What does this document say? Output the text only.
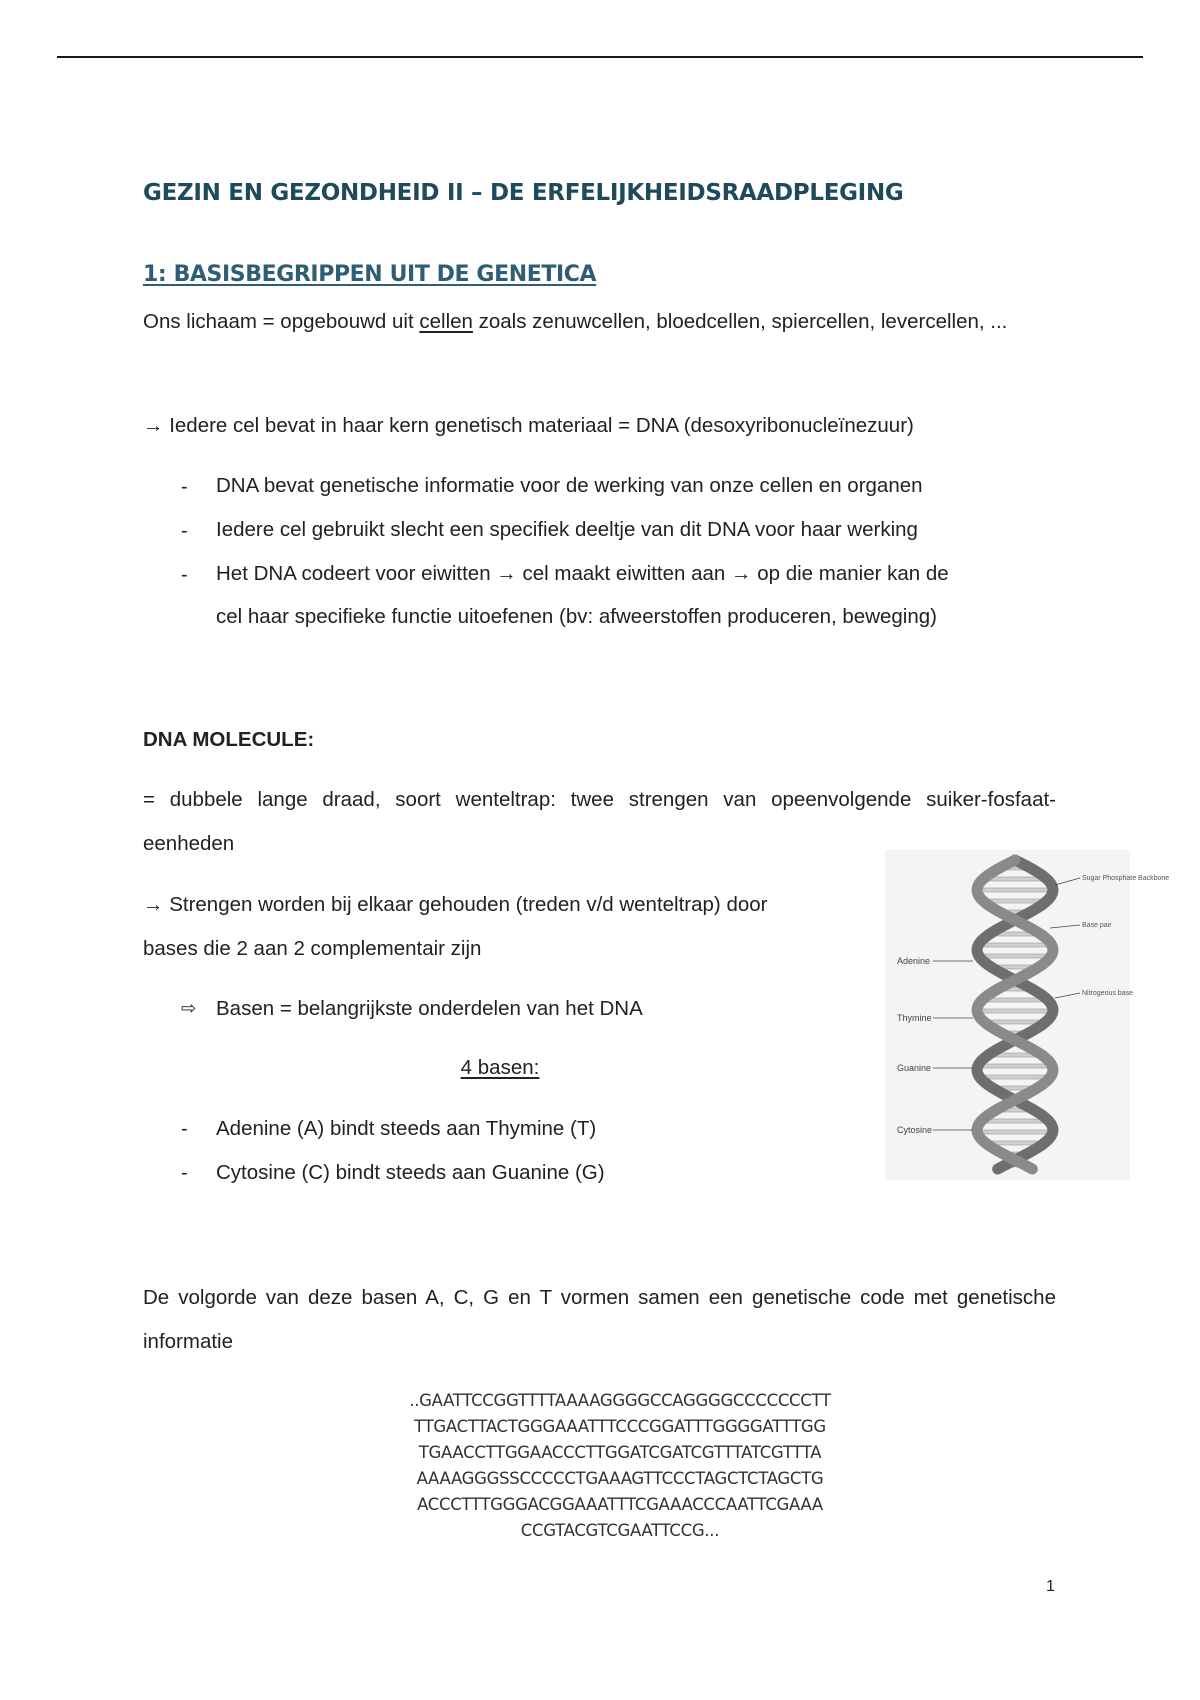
GEZIN EN GEZONDHEID II – DE ERFELIJKHEIDSRAADPLEGING
1: BASISBEGRIPPEN UIT DE GENETICA

Ons lichaam = opgebouwd uit cellen zoals zenuwcellen, bloedcellen, spiercellen, levercellen, ...

→ Iedere cel bevat in haar kern genetisch materiaal = DNA (desoxyribonucleïnezuur)

- DNA bevat genetische informatie voor de werking van onze cellen en organen
- Iedere cel gebruikt slecht een specifiek deeltje van dit DNA voor haar werking
- Het DNA codeert voor eiwitten → cel maakt eiwitten aan → op die manier kan de
cel haar specifieke functie uitoefenen (bv: afweerstoffen produceren, beweging)

DNA MOLECULE:

= dubbele lange draad, soort wenteltrap: twee strengen van opeenvolgende suiker-fosfaat-eenheden

→ Strengen worden bij elkaar gehouden (treden v/d wenteltrap) door

bases die 2 aan 2 complementair zijn

⇨ Basen = belangrijkste onderdelen van het DNA
4 basen:
- Adenine (A) bindt steeds aan Thymine (T)
- Cytosine (C) bindt steeds aan Guanine (G)

De volgorde van deze basen A, C, G en T vormen samen een genetische code met genetische informatie

..GAATTCCGGTTTTAAAAGGGGCCAGGGGCCCCCCCTT
TTGACTTACTGGGAAATTTCCCGGATTTGGGGATTTGG
TGAACCTTGGAACCCTTGGATCGATCGTTTATCGTTTA
AAAAGGGSSCCCCCTGAAAGTTCCCTAGCTCTAGCTG
ACCCTTTGGGACGGAAATTTCGAAACCCAATTCGAAA
CCGTACGTCGAATTCCG...
1
Adenine
Thymine
Guanine
Cytosine
Sugar Phosphate Backbone
Base pair
Nitrogeous base
